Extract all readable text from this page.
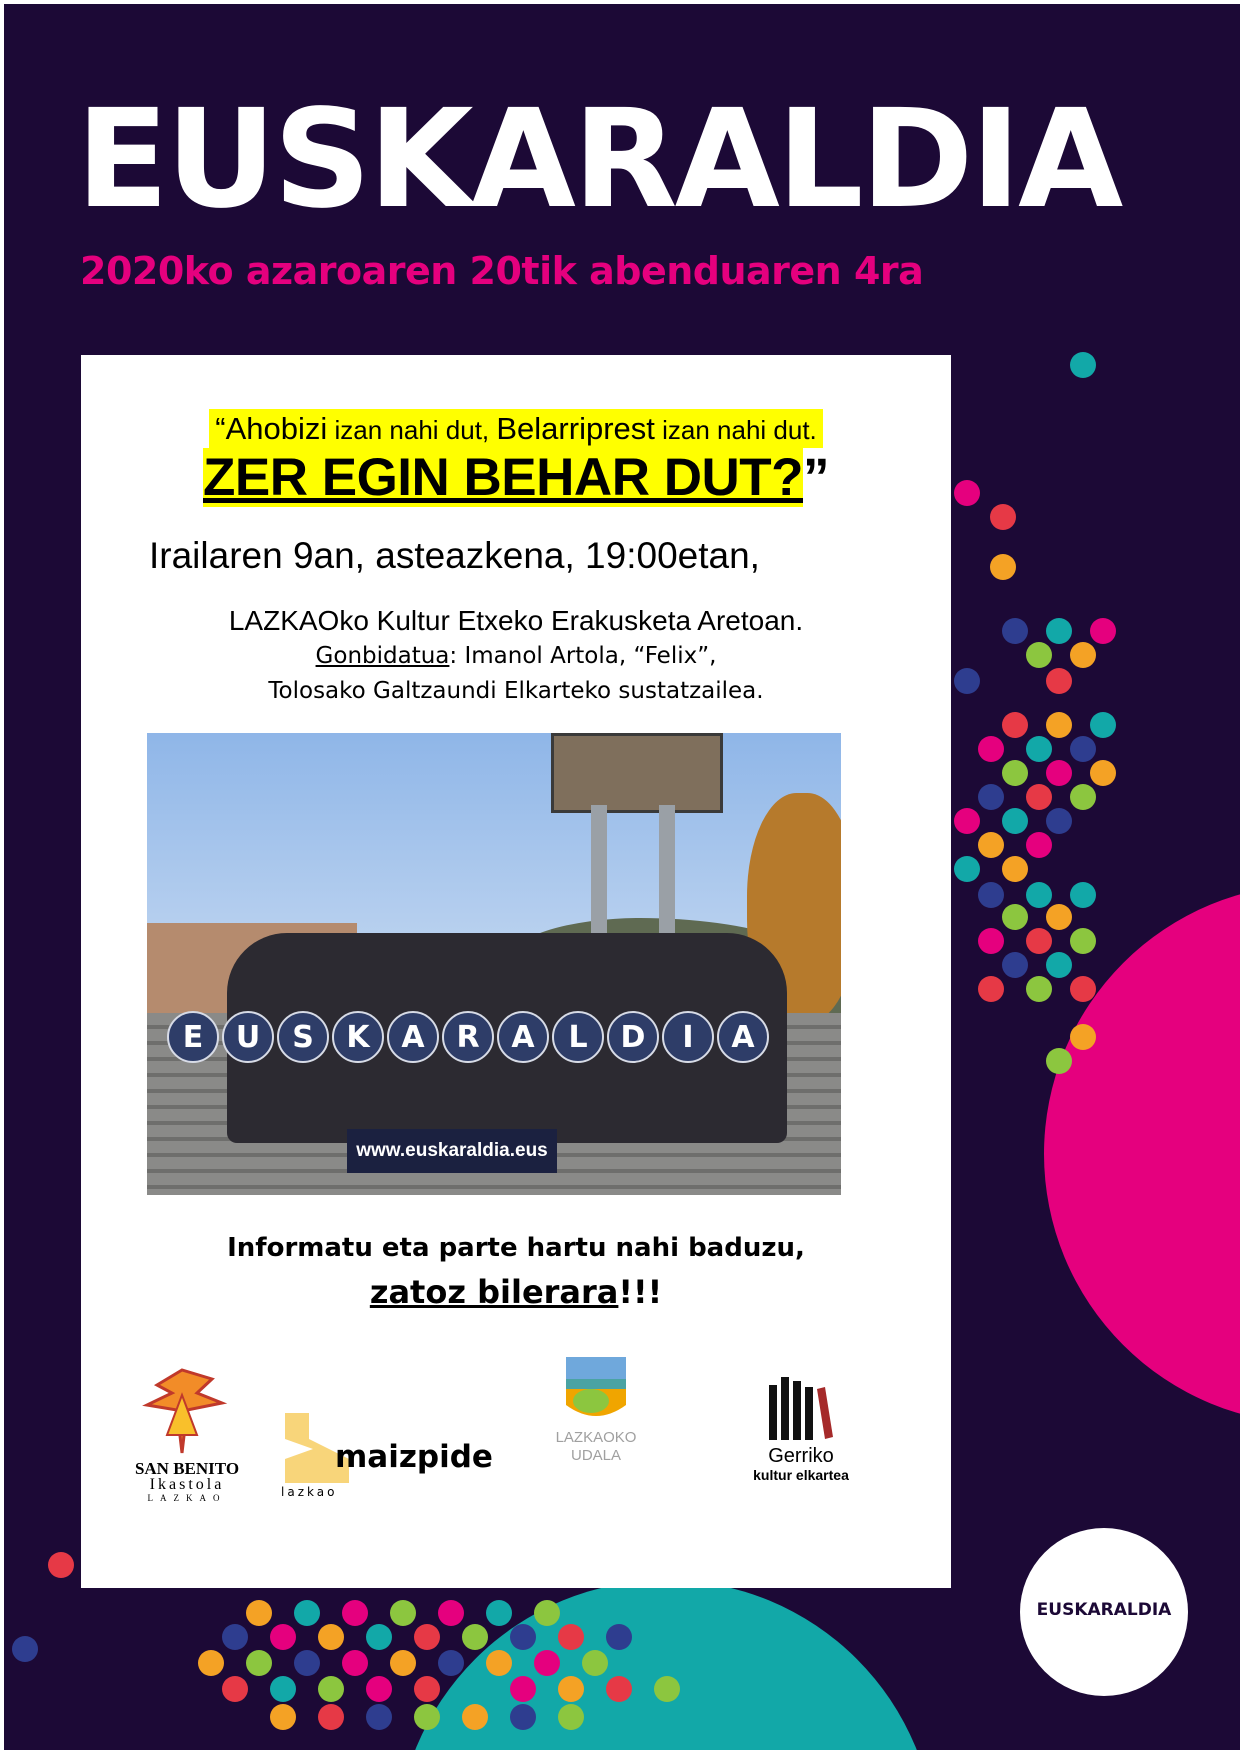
EUSKARALDIA
2020ko azaroaren 20tik abenduaren 4ra
“Ahobizi izan nahi dut, Belarriprest izan nahi dut.
ZER EGIN BEHAR DUT?”
Irailaren 9an, asteazkena, 19:00etan,
LAZKAOko Kultur Etxeko Erakusketa Aretoan.
Gonbidatua: Imanol Artola, “Felix”,
Tolosako Galtzaundi Elkarteko sustatzailea.
E	U	S	K	A	R	A	L	D	I	A
www.euskaraldia.eus
Informatu eta parte hartu nahi baduzu,
zatoz bilerara!!!
SAN BENITO
Ikastola
LAZKAO
maizpide
lazkao
LAZKAOKO
UDALA	Gerriko
kultur elkartea
EUSKARALDIA
